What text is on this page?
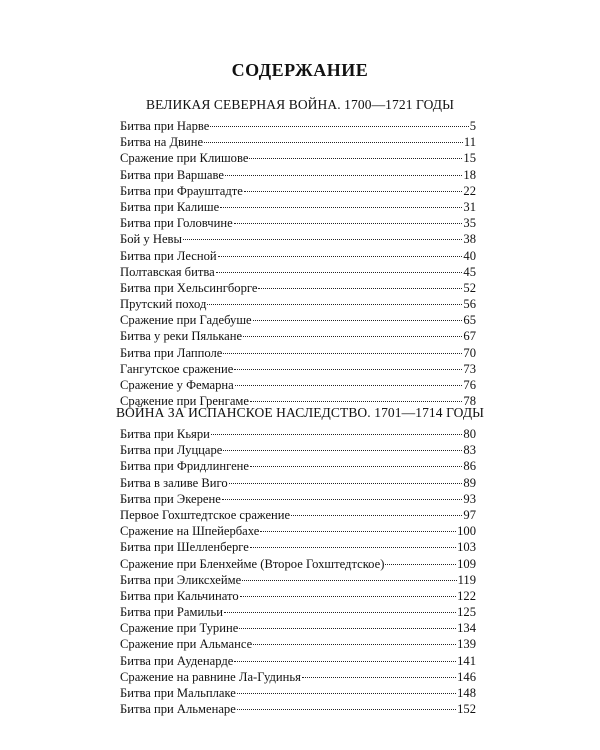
СОДЕРЖАНИЕ
ВЕЛИКАЯ СЕВЕРНАЯ ВОЙНА. 1700—1721 ГОДЫ
Битва при Нарве	5
Битва на Двине	11
Сражение при Клишове	15
Битва при Варшаве	18
Битва при Фрауштадте	22
Битва при Калише	31
Битва при Головчине	35
Бой у Невы	38
Битва при Лесной	40
Полтавская битва	45
Битва при Хельсингборге	52
Прутский поход	56
Сражение при Гадебуше	65
Битва у реки Пялькане	67
Битва при Лапполе	70
Гангутское сражение	73
Сражение у Фемарна	76
Сражение при Гренгаме	78
ВОЙНА ЗА ИСПАНСКОЕ НАСЛЕДСТВО. 1701—1714 ГОДЫ
Битва при Кьяри	80
Битва при Луццаре	83
Битва при Фридлингене	86
Битва в заливе Виго	89
Битва при Экерене	93
Первое Гохштедтское сражение	97
Сражение на Шпейербахе	100
Битва при Шелленберге	103
Сражение при Бленхейме (Второе Гохштедтское)	109
Битва при Эликсхейме	119
Битва при Кальчинато	122
Битва при Рамильи	125
Сражение при Турине	134
Сражение при Альмансе	139
Битва при Ауденарде	141
Сражение на равнине Ла-Гудинья	146
Битва при Мальплаке	148
Битва при Альменаре	152
